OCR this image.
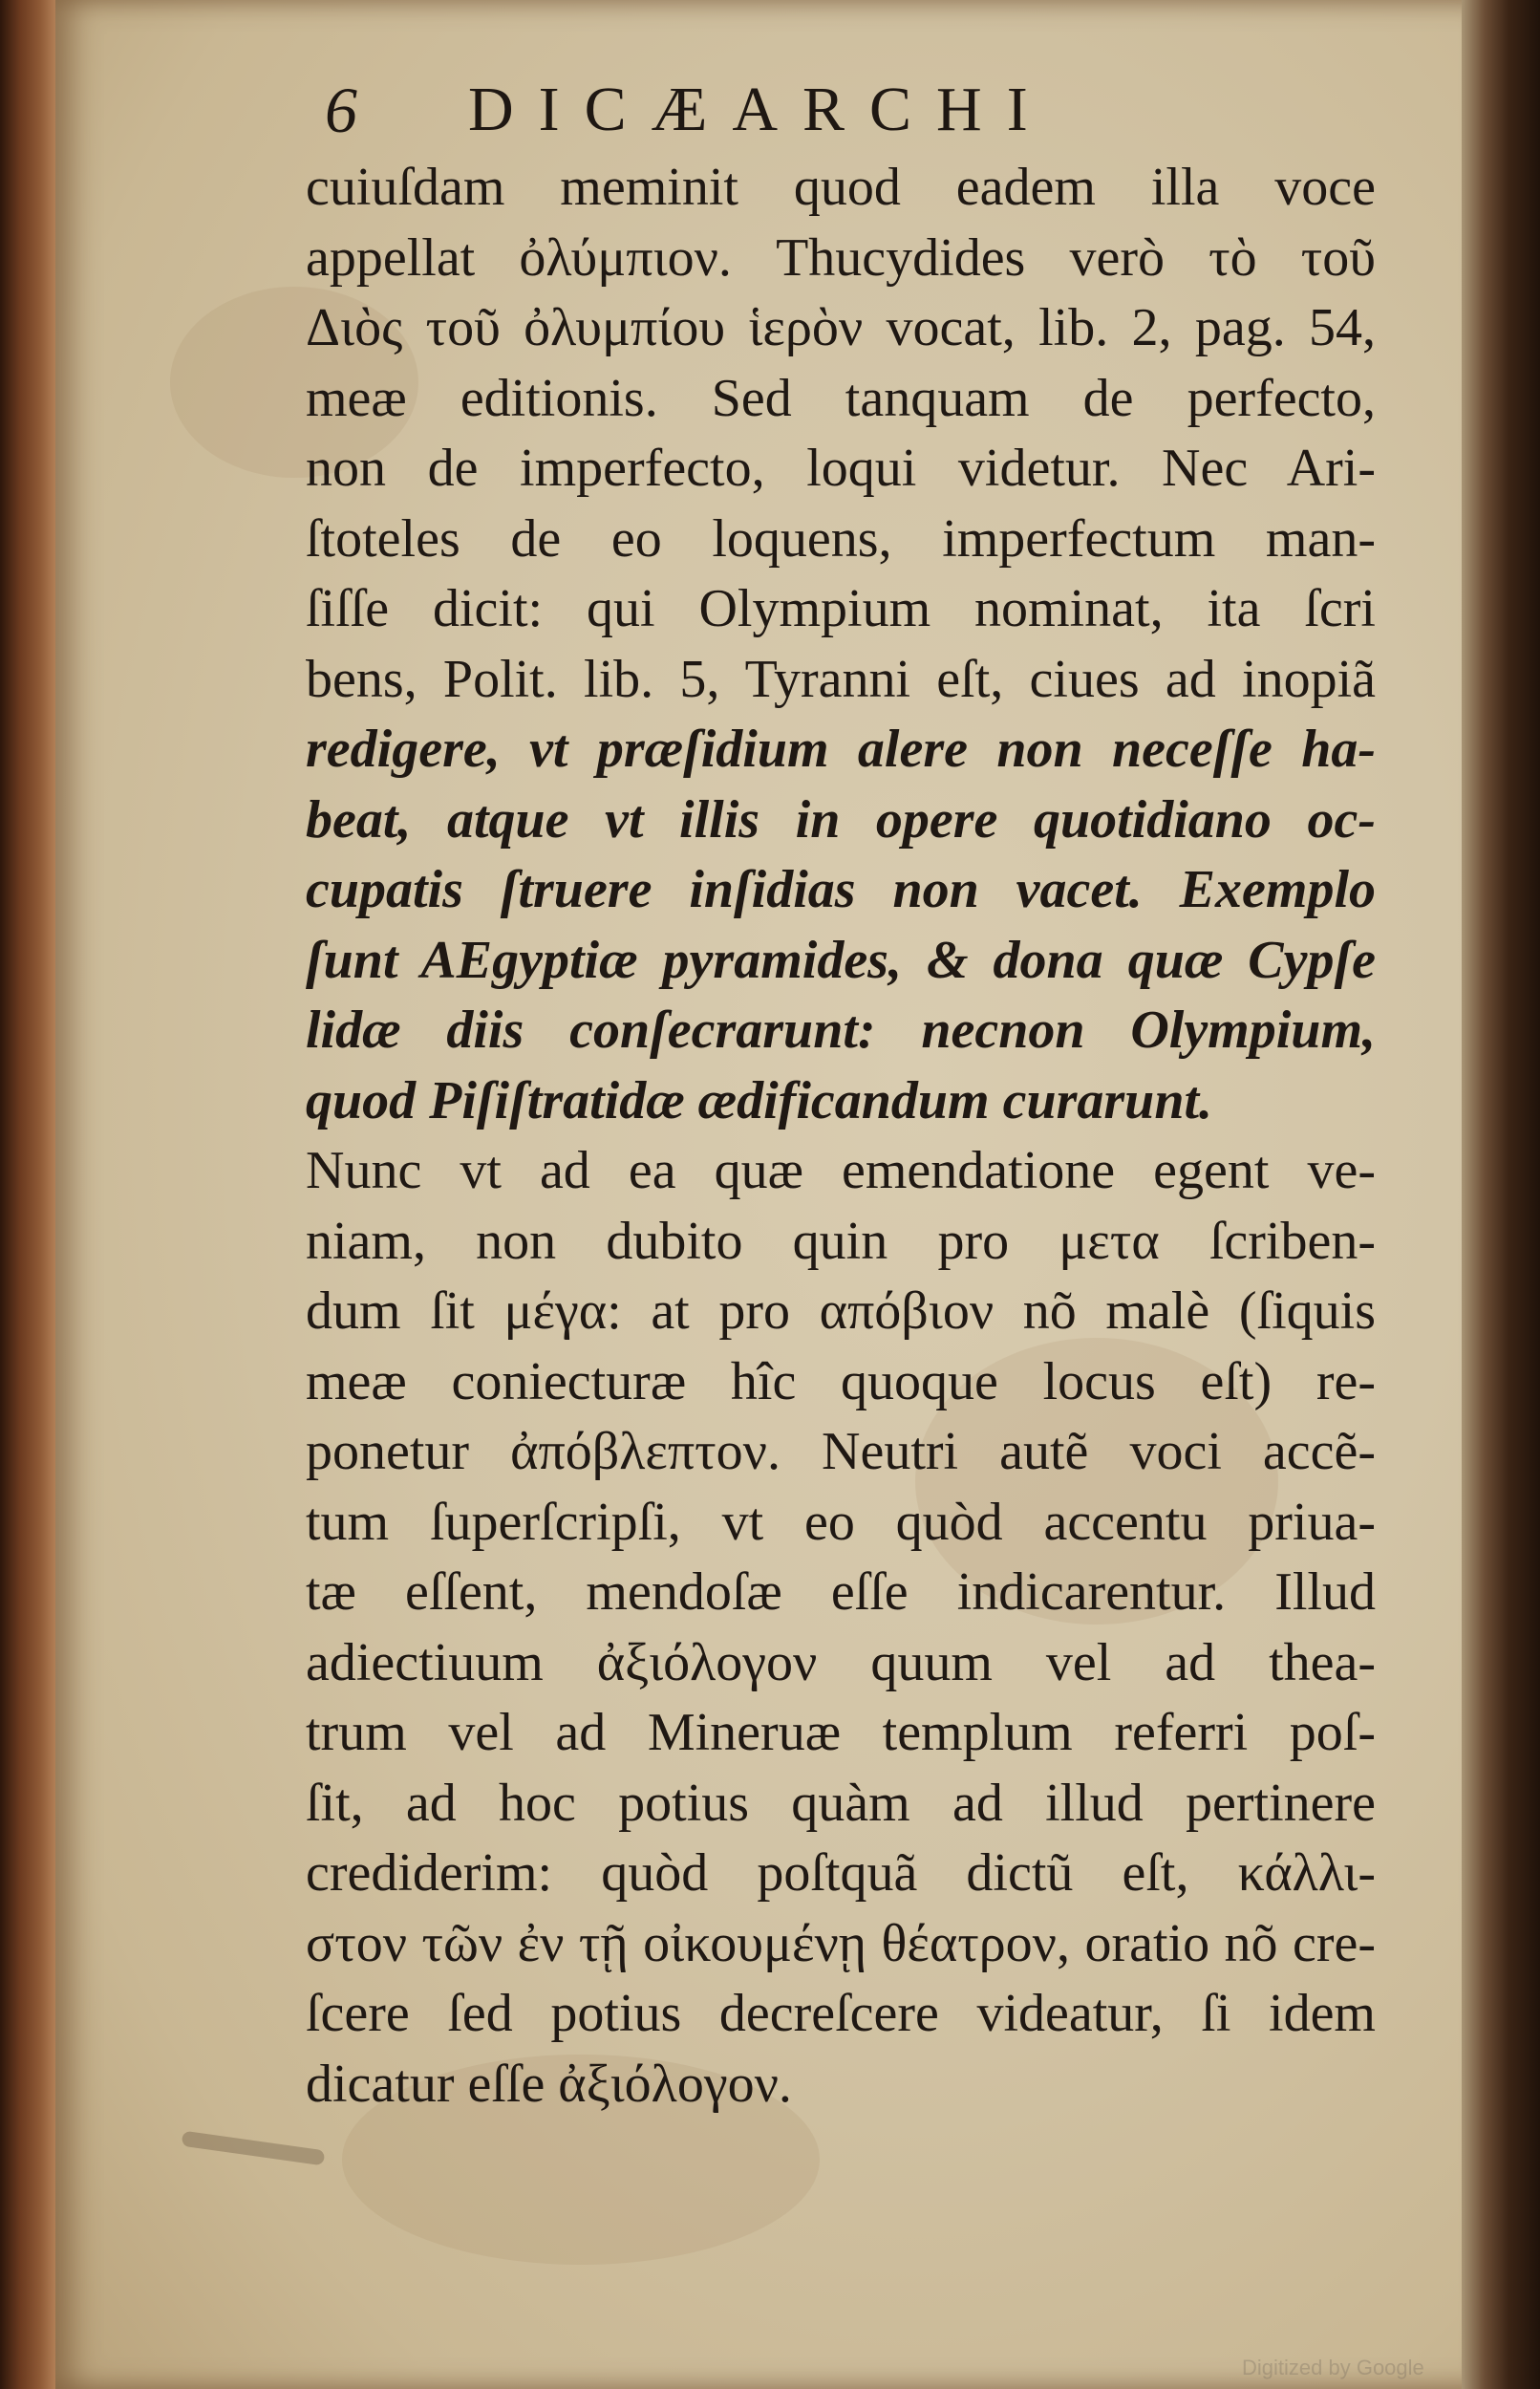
6	DICÆARCHI
cuiuſdam meminit quod eadem illa voce
appellat ὀλύμπιον. Thucydides verò τὸ τοῦ
Διὸς τοῦ ὀλυμπίου ἱερὸν vocat, lib. 2, pag. 54,
meæ editionis. Sed tanquam de perfecto,
non de imperfecto, loqui videtur. Nec Ari-
ſtoteles de eo loquens, imperfectum man-
ſiſſe dicit: qui Olympium nominat, ita ſcri
bens, Polit. lib. 5, Tyranni eſt, ciues ad inopiã
redigere, vt præſidium alere non neceſſe ha-
beat, atque vt illis in opere quotidiano oc-
cupatis ſtruere inſidias non vacet. Exemplo
ſunt AEgyptiæ pyramides, & dona quæ Cypſe
lidæ diis conſecrarunt: necnon Olympium,
quod Piſiſtratidæ ædificandum curarunt.
Nunc vt ad ea quæ emendatione egent ve-
niam, non dubito quin pro μετα ſcriben-
dum ſit μέγα: at pro απόβιον nõ malè (ſiquis
meæ coniecturæ hîc quoque locus eſt) re-
ponetur ἀπόβλεπτον. Neutri autẽ voci accẽ-
tum ſuperſcripſi, vt eo quòd accentu priua-
tæ eſſent, mendoſæ eſſe indicarentur. Illud
adiectiuum ἀξιόλογον quum vel ad thea-
trum vel ad Mineruæ templum referri poſ-
ſit, ad hoc potius quàm ad illud pertinere
crediderim: quòd poſtquã dictũ eſt, κάλλι-
στον τῶν ἐν τῇ οἰκουμένῃ θέατρον, oratio nõ cre-
ſcere ſed potius decreſcere videatur, ſi idem
dicatur eſſe ἀξιόλογον.
Digitized by Google
